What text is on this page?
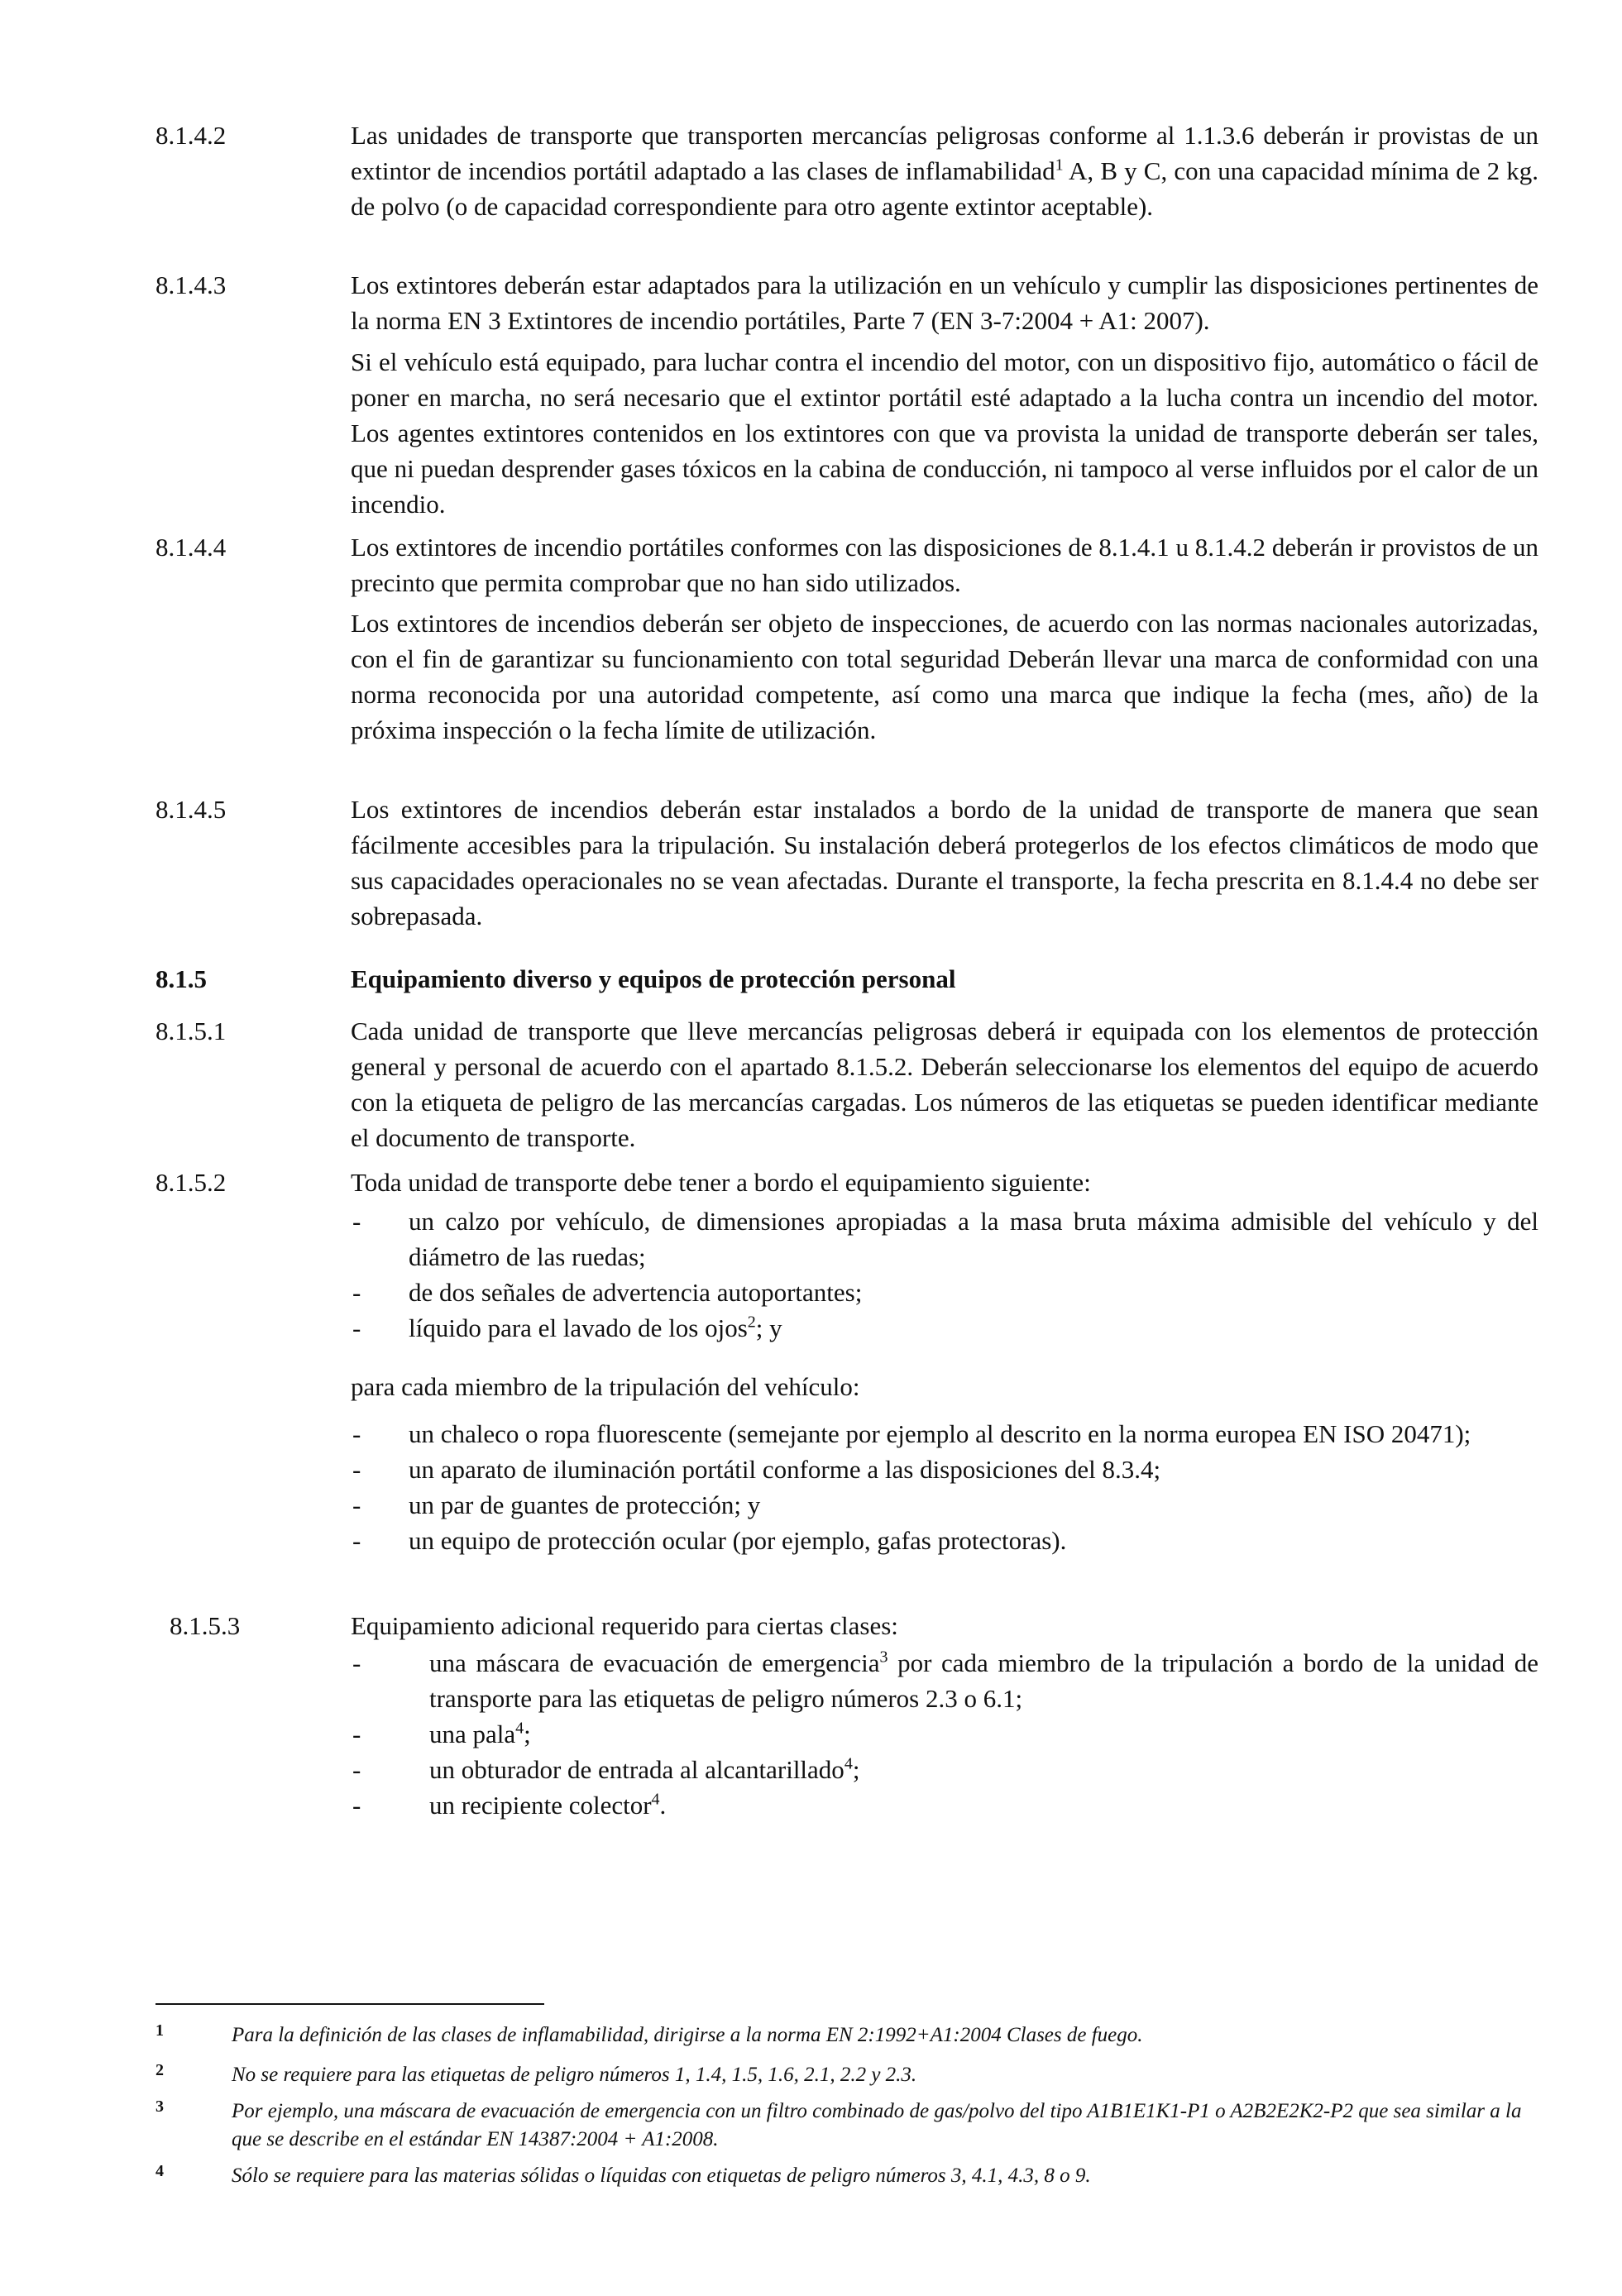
8.1.4.2	Las unidades de transporte que transporten mercancías peligrosas conforme al 1.1.3.6 deberán ir provistas de un extintor de incendios portátil adaptado a las clases de inflamabilidad$^1$ A, B y C, con una capacidad mínima de 2 kg. de polvo (o de capacidad correspondiente para otro agente extintor aceptable).
8.1.4.3	Los extintores deberán estar adaptados para la utilización en un vehículo y cumplir las disposiciones pertinentes de la norma EN 3 Extintores de incendio portátiles, Parte 7 (EN 3-7:2004 + A1: 2007).
Si el vehículo está equipado, para luchar contra el incendio del motor, con un dispositivo fijo, automático o fácil de poner en marcha, no será necesario que el extintor portátil esté adaptado a la lucha contra un incendio del motor. Los agentes extintores contenidos en los extintores con que va provista la unidad de transporte deberán ser tales, que ni puedan desprender gases tóxicos en la cabina de conducción, ni tampoco al verse influidos por el calor de un incendio.
8.1.4.4	Los extintores de incendio portátiles conformes con las disposiciones de 8.1.4.1 u 8.1.4.2 deberán ir provistos de un precinto que permita comprobar que no han sido utilizados.
Los extintores de incendios deberán ser objeto de inspecciones, de acuerdo con las normas nacionales autorizadas, con el fin de garantizar su funcionamiento con total seguridad Deberán llevar una marca de conformidad con una norma reconocida por una autoridad competente, así como una marca que indique la fecha (mes, año) de la próxima inspección o la fecha límite de utilización.
8.1.4.5	Los extintores de incendios deberán estar instalados a bordo de la unidad de transporte de manera que sean fácilmente accesibles para la tripulación. Su instalación deberá protegerlos de los efectos climáticos de modo que sus capacidades operacionales no se vean afectadas. Durante el transporte, la fecha prescrita en 8.1.4.4 no debe ser sobrepasada.
8.1.5	Equipamiento diverso y equipos de protección personal
8.1.5.1	Cada unidad de transporte que lleve mercancías peligrosas deberá ir equipada con los elementos de protección general y personal de acuerdo con el apartado 8.1.5.2. Deberán seleccionarse los elementos del equipo de acuerdo con la etiqueta de peligro de las mercancías cargadas. Los números de las etiquetas se pueden identificar mediante el documento de transporte.
8.1.5.2	Toda unidad de transporte debe tener a bordo el equipamiento siguiente:
- un calzo por vehículo, de dimensiones apropiadas a la masa bruta máxima admisible del vehículo y del diámetro de las ruedas;
- de dos señales de advertencia autoportantes;
- líquido para el lavado de los ojos$^2$; y
para cada miembro de la tripulación del vehículo:
- un chaleco o ropa fluorescente (semejante por ejemplo al descrito en la norma europea EN ISO 20471);
- un aparato de iluminación portátil conforme a las disposiciones del 8.3.4;
- un par de guantes de protección; y
- un equipo de protección ocular (por ejemplo, gafas protectoras).
8.1.5.3	Equipamiento adicional requerido para ciertas clases:
-	una máscara de evacuación de emergencia$^3$ por cada miembro de la tripulación a bordo de la unidad de transporte para las etiquetas de peligro números 2.3 o 6.1;
-	una pala$^4$;
-	un obturador de entrada al alcantarillado$^4$;
-	un recipiente colector$^4$.
1	Para la definición de las clases de inflamabilidad, dirigirse a la norma EN 2:1992+A1:2004 Clases de fuego.
2	No se requiere para las etiquetas de peligro números 1, 1.4, 1.5, 1.6, 2.1, 2.2 y 2.3.
3	Por ejemplo, una máscara de evacuación de emergencia con un filtro combinado de gas/polvo del tipo A1B1E1K1-P1 o A2B2E2K2-P2 que sea similar a la que se describe en el estándar EN 14387:2004 + A1:2008.
4	Sólo se requiere para las materias sólidas o líquidas con etiquetas de peligro números 3, 4.1, 4.3, 8 o 9.
